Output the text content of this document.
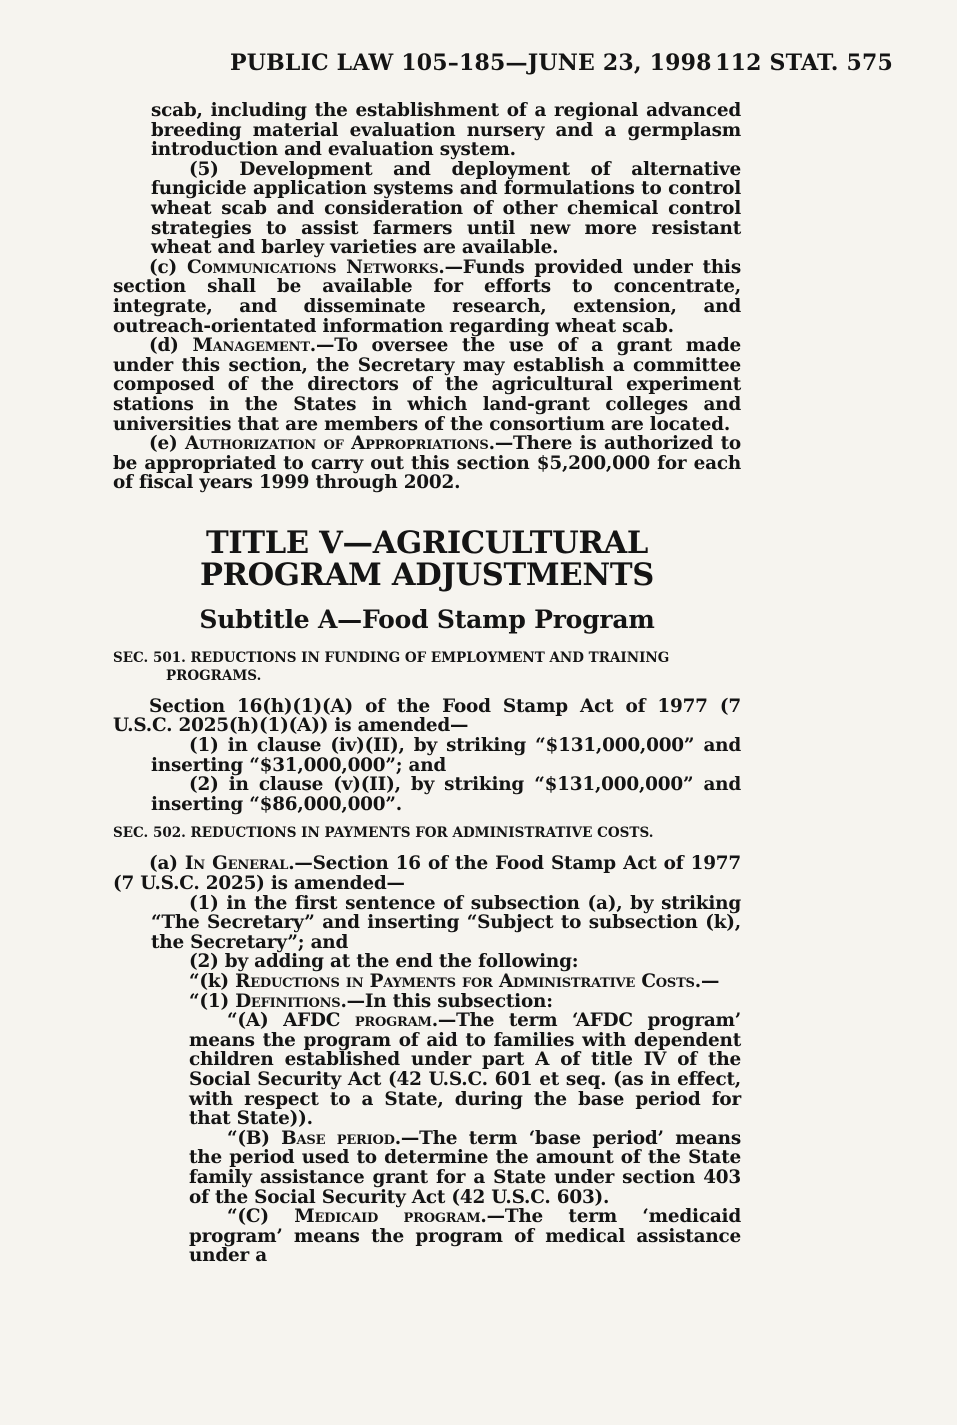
PUBLIC LAW 105–185—JUNE 23, 1998 112 STAT. 575

scab, including the establishment of a regional advanced breeding material evaluation nursery and a germplasm introduction and evaluation system.

(5) Development and deployment of alternative fungicide application systems and formulations to control wheat scab and consideration of other chemical control strategies to assist farmers until new more resistant wheat and barley varieties are available.

(c) Communications Networks.—Funds provided under this section shall be available for efforts to concentrate, integrate, and disseminate research, extension, and outreach-orientated information regarding wheat scab.

(d) Management.—To oversee the use of a grant made under this section, the Secretary may establish a committee composed of the directors of the agricultural experiment stations in the States in which land-grant colleges and universities that are members of the consortium are located.

(e) Authorization of Appropriations.—There is authorized to be appropriated to carry out this section $5,200,000 for each of fiscal years 1999 through 2002.

TITLE V—AGRICULTURAL PROGRAM ADJUSTMENTS

Subtitle A—Food Stamp Program

SEC. 501. REDUCTIONS IN FUNDING OF EMPLOYMENT AND TRAINING PROGRAMS.

Section 16(h)(1)(A) of the Food Stamp Act of 1977 (7 U.S.C. 2025(h)(1)(A)) is amended—

(1) in clause (iv)(II), by striking “$131,000,000” and inserting “$31,000,000”; and

(2) in clause (v)(II), by striking “$131,000,000” and inserting “$86,000,000”.

SEC. 502. REDUCTIONS IN PAYMENTS FOR ADMINISTRATIVE COSTS.

(a) In General.—Section 16 of the Food Stamp Act of 1977 (7 U.S.C. 2025) is amended—

(1) in the first sentence of subsection (a), by striking “The Secretary” and inserting “Subject to subsection (k), the Secretary”; and

(2) by adding at the end the following:

“(k) Reductions in Payments for Administrative Costs.—

“(1) Definitions.—In this subsection:

“(A) AFDC program.—The term ‘AFDC program’ means the program of aid to families with dependent children established under part A of title IV of the Social Security Act (42 U.S.C. 601 et seq. (as in effect, with respect to a State, during the base period for that State)).

“(B) Base period.—The term ‘base period’ means the period used to determine the amount of the State family assistance grant for a State under section 403 of the Social Security Act (42 U.S.C. 603).

“(C) Medicaid program.—The term ‘medicaid program’ means the program of medical assistance under a
